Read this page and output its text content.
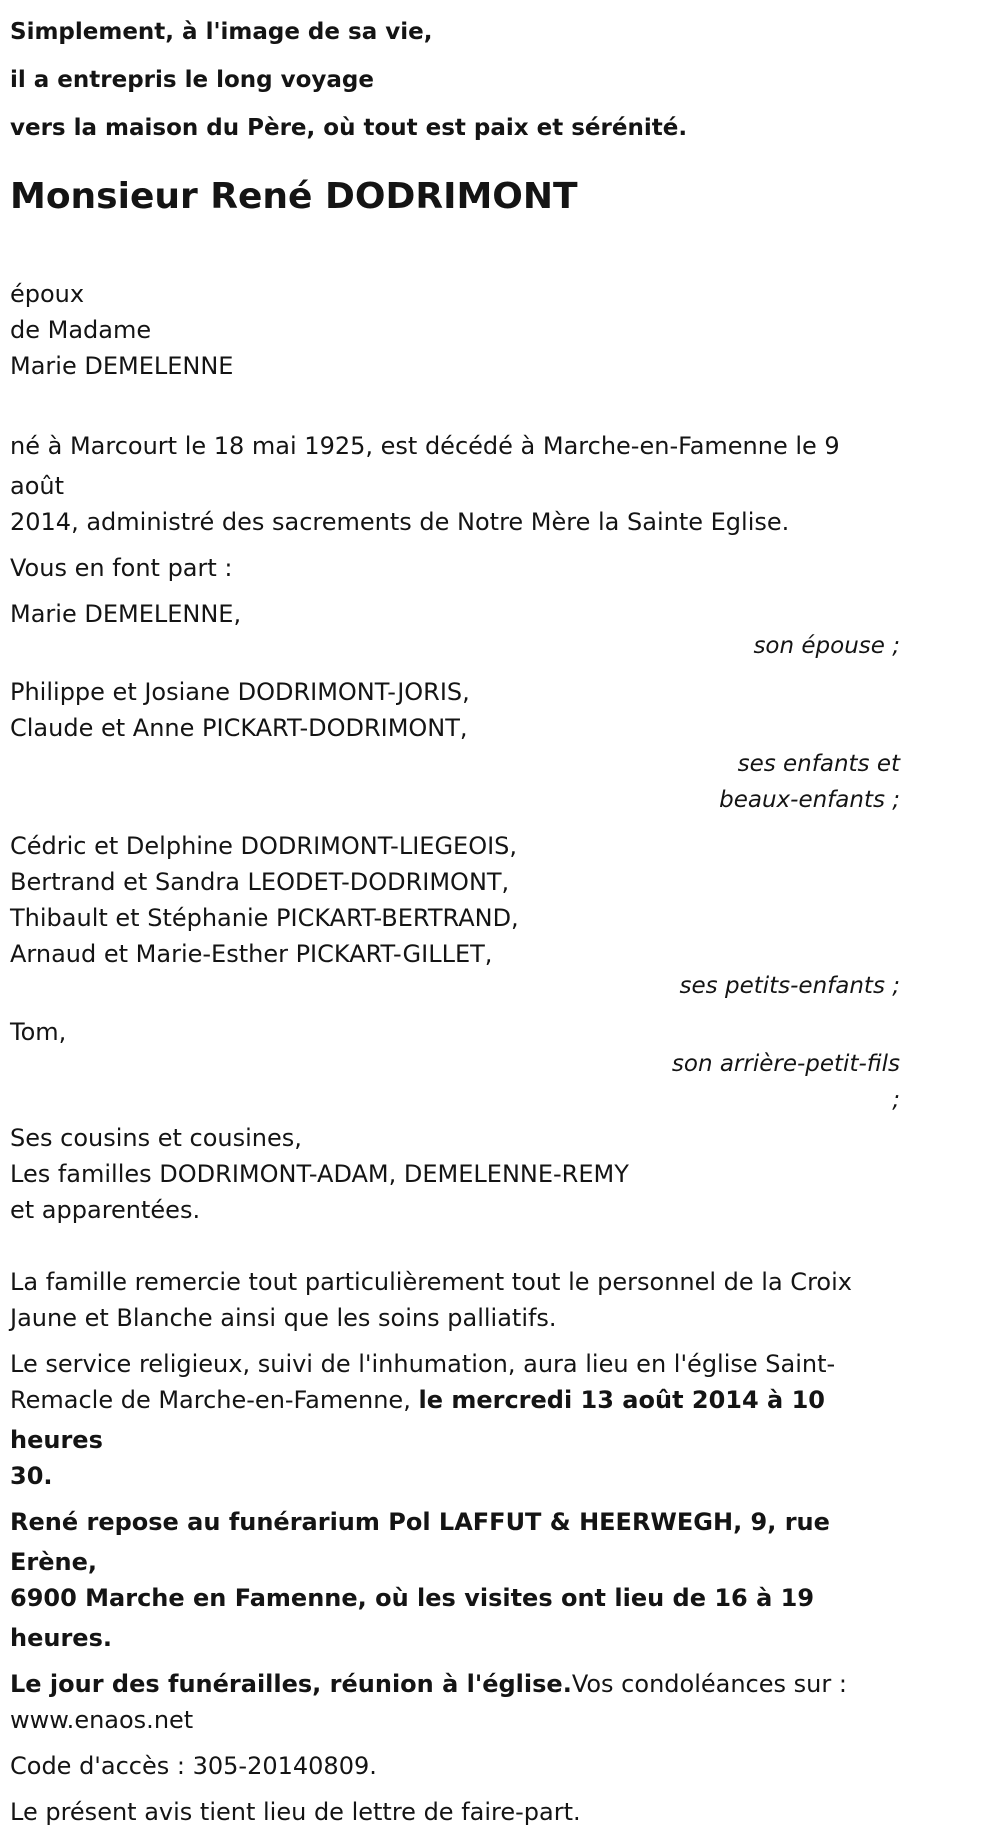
Simplement, à l'image de sa vie,
il a entrepris le long voyage
vers la maison du Père, où tout est paix et sérénité.
Monsieur René DODRIMONT
époux
de Madame
Marie DEMELENNE
né à Marcourt le 18 mai 1925, est décédé à Marche-en-Famenne le 9 août
2014, administré des sacrements de Notre Mère la Sainte Eglise.
Vous en font part :
Marie DEMELENNE,
son épouse ;
Philippe et Josiane DODRIMONT-JORIS,
Claude et Anne PICKART-DODRIMONT,
ses enfants et
beaux-enfants ;
Cédric et Delphine DODRIMONT-LIEGEOIS,
Bertrand et Sandra LEODET-DODRIMONT,
Thibault et Stéphanie PICKART-BERTRAND,
Arnaud et Marie-Esther PICKART-GILLET,
ses petits-enfants ;
Tom,
son arrière-petit-fils
;
Ses cousins et cousines,
Les familles DODRIMONT-ADAM, DEMELENNE-REMY
et apparentées.
La famille remercie tout particulièrement tout le personnel de la Croix
Jaune et Blanche ainsi que les soins palliatifs.
Le service religieux, suivi de l'inhumation, aura lieu en l'église Saint-
Remacle de Marche-en-Famenne, le mercredi 13 août 2014 à 10 heures
30.
René repose au funérarium Pol LAFFUT & HEERWEGH, 9, rue Erène,
6900 Marche en Famenne, où les visites ont lieu de 16 à 19 heures.
Le jour des funérailles, réunion à l'église.Vos condoléances sur :
www.enaos.net
Code d'accès : 305-20140809.
Le présent avis tient lieu de lettre de faire-part.
